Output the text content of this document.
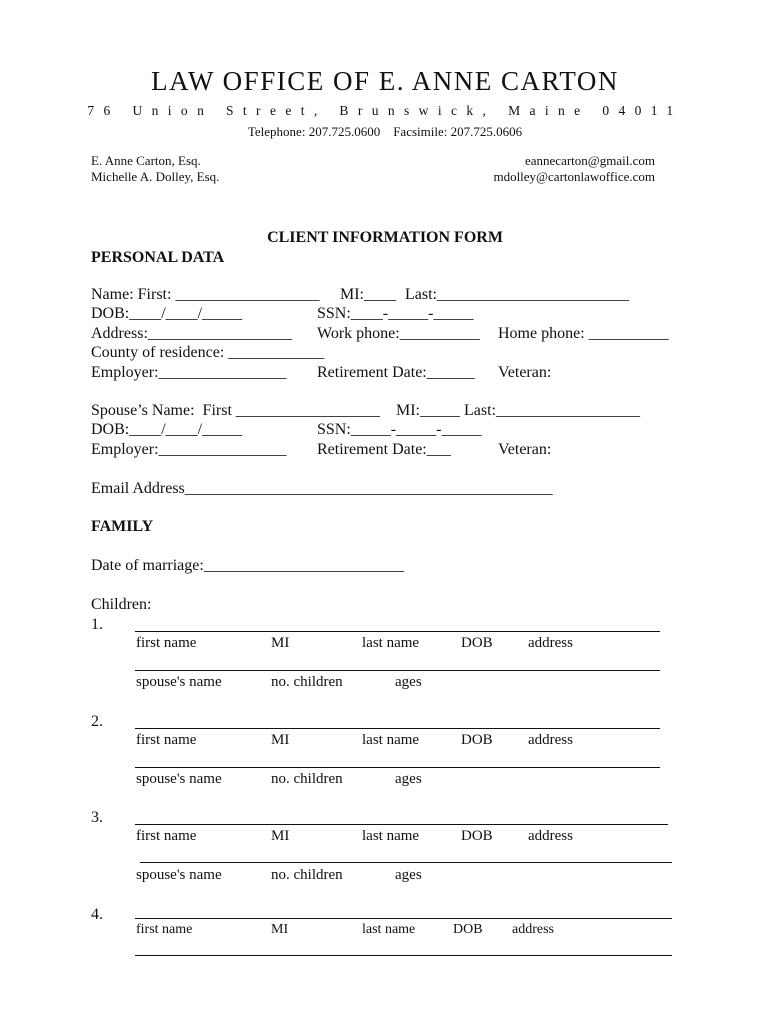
LAW OFFICE OF E. ANNE CARTON
76 Union Street, Brunswick, Maine 04011
Telephone: 207.725.0600    Facsimile: 207.725.0606
E. Anne Carton, Esq.
Michelle A. Dolley, Esq.
eannecarton@gmail.com
mdolley@cartonlawoffice.com
CLIENT INFORMATION FORM
PERSONAL DATA
Name: First: __________________ MI:____ Last:________________________
DOB:____/____/_____	SSN:____-_____-_____
Address:__________________ Work phone:__________ Home phone: __________
County of residence: ____________
Employer:________________ Retirement Date:______ Veteran:
Spouse’s Name:  First __________________ MI:_____ Last:__________________
DOB:____/____/_____	SSN:_____-_____-_____
Employer:________________ Retirement Date:___	Veteran:
Email Address______________________________________________
FAMILY
Date of marriage:_________________________
Children:
1.
first name	MI	last name	DOB address
spouse's name	no. children	ages
2.
first name	MI	last name	DOB address
spouse's name	no. children	ages
3.
first name	MI	last name	DOB address
spouse's name	no. children	ages
4.
first name	MI	last name	DOB address
